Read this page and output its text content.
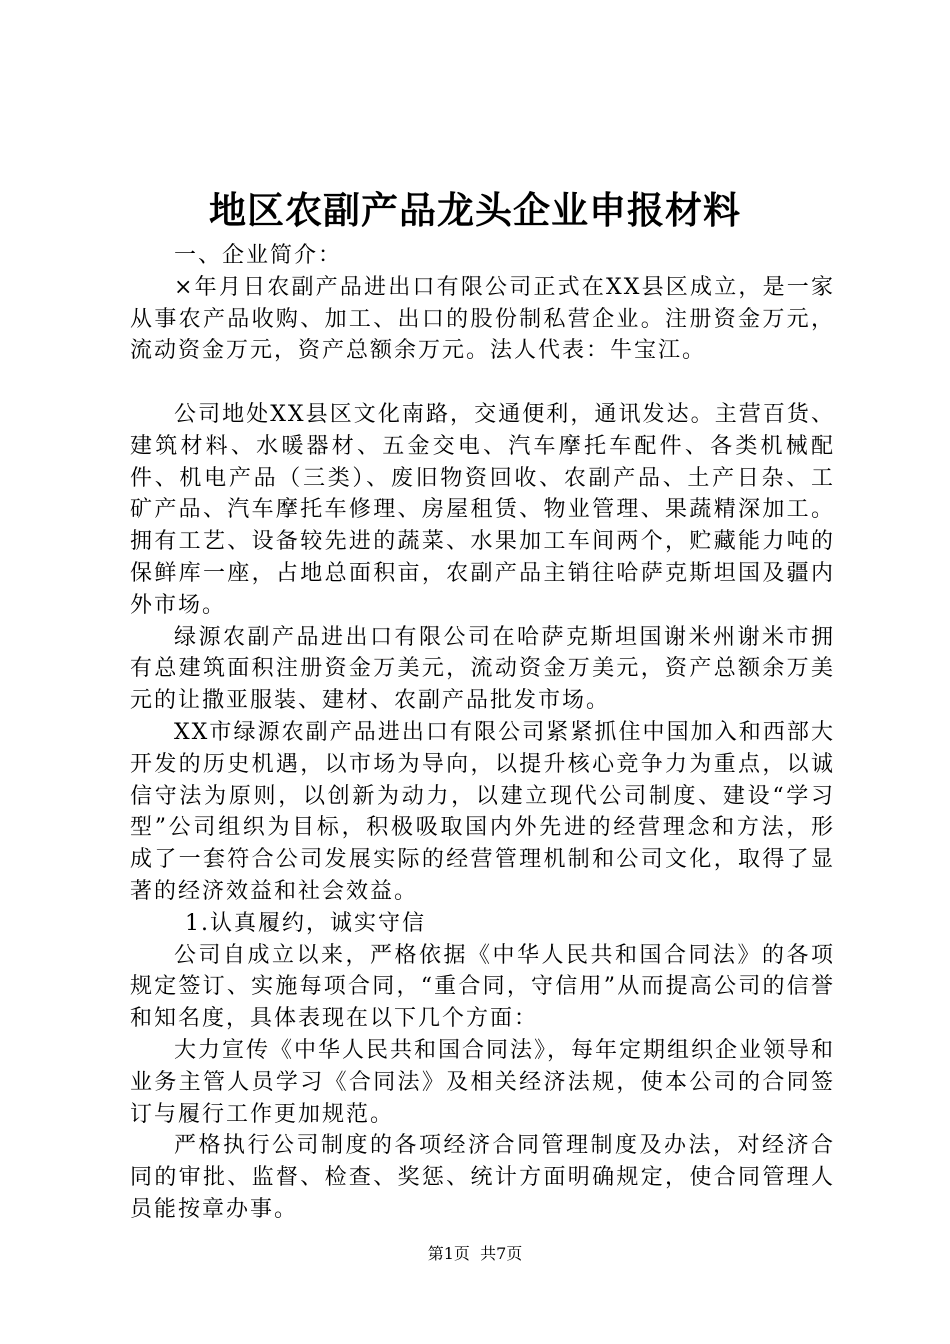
地区农副产品龙头企业申报材料

一、企业简介：

×年月日农副产品进出口有限公司正式在XX县区成立，是一家从事农产品收购、加工、出口的股份制私营企业。注册资金万元，流动资金万元，资产总额余万元。法人代表：牛宝江。

公司地处XX县区文化南路，交通便利，通讯发达。主营百货、建筑材料、水暖器材、五金交电、汽车摩托车配件、各类机械配件、机电产品（三类）、废旧物资回收、农副产品、土产日杂、工矿产品、汽车摩托车修理、房屋租赁、物业管理、果蔬精深加工。拥有工艺、设备较先进的蔬菜、水果加工车间两个，贮藏能力吨的保鲜库一座，占地总面积亩，农副产品主销往哈萨克斯坦国及疆内外市场。

绿源农副产品进出口有限公司在哈萨克斯坦国谢米州谢米市拥有总建筑面积注册资金万美元，流动资金万美元，资产总额余万美元的让撒亚服装、建材、农副产品批发市场。

XX市绿源农副产品进出口有限公司紧紧抓住中国加入和西部大开发的历史机遇，以市场为导向，以提升核心竞争力为重点，以诚信守法为原则，以创新为动力，以建立现代公司制度、建设“学习型”公司组织为目标，积极吸取国内外先进的经营理念和方法，形成了一套符合公司发展实际的经营管理机制和公司文化，取得了显著的经济效益和社会效益。

1.认真履约，诚实守信

公司自成立以来，严格依据《中华人民共和国合同法》的各项规定签订、实施每项合同，“重合同，守信用”从而提高公司的信誉和知名度，具体表现在以下几个方面：

大力宣传《中华人民共和国合同法》，每年定期组织企业领导和业务主管人员学习《合同法》及相关经济法规，使本公司的合同签订与履行工作更加规范。

严格执行公司制度的各项经济合同管理制度及办法，对经济合同的审批、监督、检查、奖惩、统计方面明确规定，使合同管理人员能按章办事。

第1页  共7页
